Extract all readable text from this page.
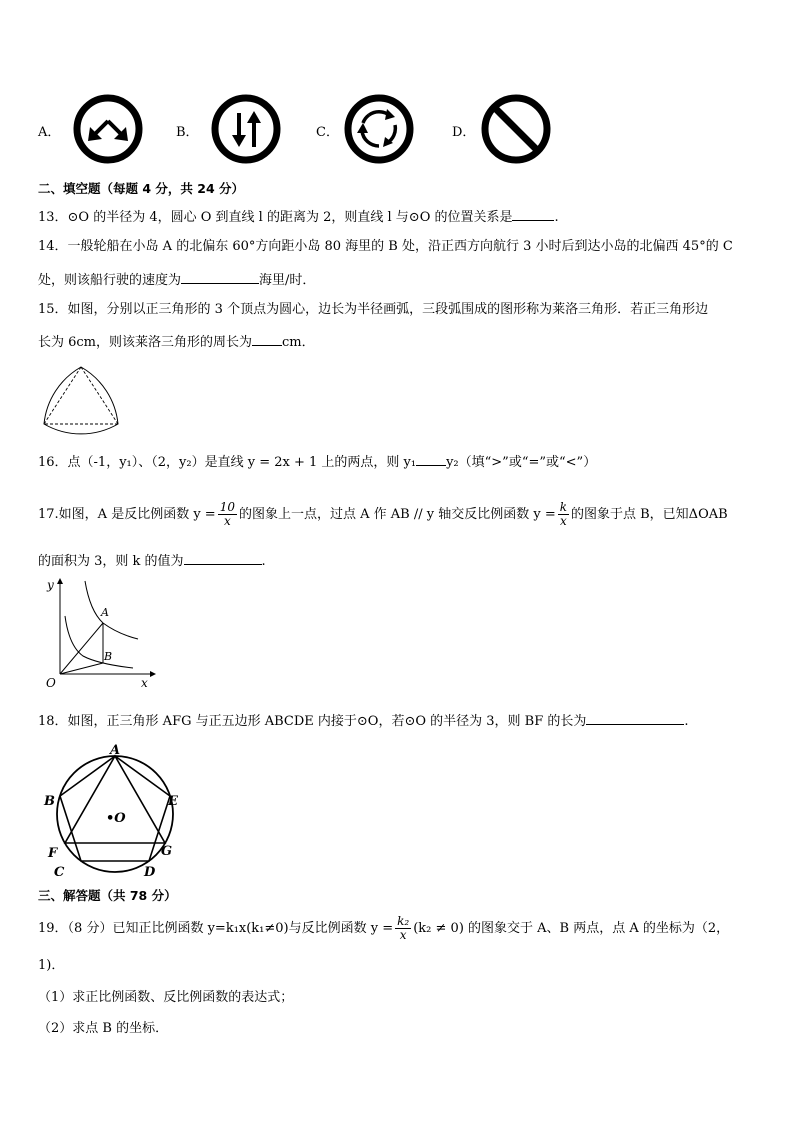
A．	B．	C．	D．
二、填空题（每题 4 分，共 24 分）
13．⊙O 的半径为 4，圆心 O 到直线 l 的距离为 2，则直线 l 与⊙O 的位置关系是	.
14．一般轮船在小岛 A 的北偏东 60°方向距小岛 80 海里的 B 处，沿正西方向航行 3 小时后到达小岛的北偏西 45°的 C
处，则该船行驶的速度为	海里/时．
15．如图，分别以正三角形的 3 个顶点为圆心，边长为半径画弧，三段弧围成的图形称为莱洛三角形．若正三角形边
长为 6cm，则该莱洛三角形的周长为 cm．
16．点（-1，y₁）、（2，y₂）是直线 y = 2x + 1 上的两点，则 y₁ y₂（填“>”或“=”或“<”）
17.如图，A 是反比例函数 $y = \frac{10}{x}$ 的图象上一点，过点 A 作 AB // y 轴交反比例函数 $y = \frac{k}{x}$ 的图象于点 B，已知ΔOAB
的面积为 3，则 k 的值为	.
y
x
O
A
B
18．如图，正三角形 AFG 与正五边形 ABCDE 内接于⊙O，若⊙O 的半径为 3，则 BF 的长为	.
A
B
C	D
E
F	G
•O
三、解答题（共 78 分）
19．（8 分）已知正比例函数 y=k₁x(k₁≠0)与反比例函数 $y = \frac{\text{k₂}}{x} (k_2 \ne 0)$ 的图象交于 A、B 两点，点 A 的坐标为（2，
1)．
（1）求正比例函数、反比例函数的表达式；
（2）求点 B 的坐标．
